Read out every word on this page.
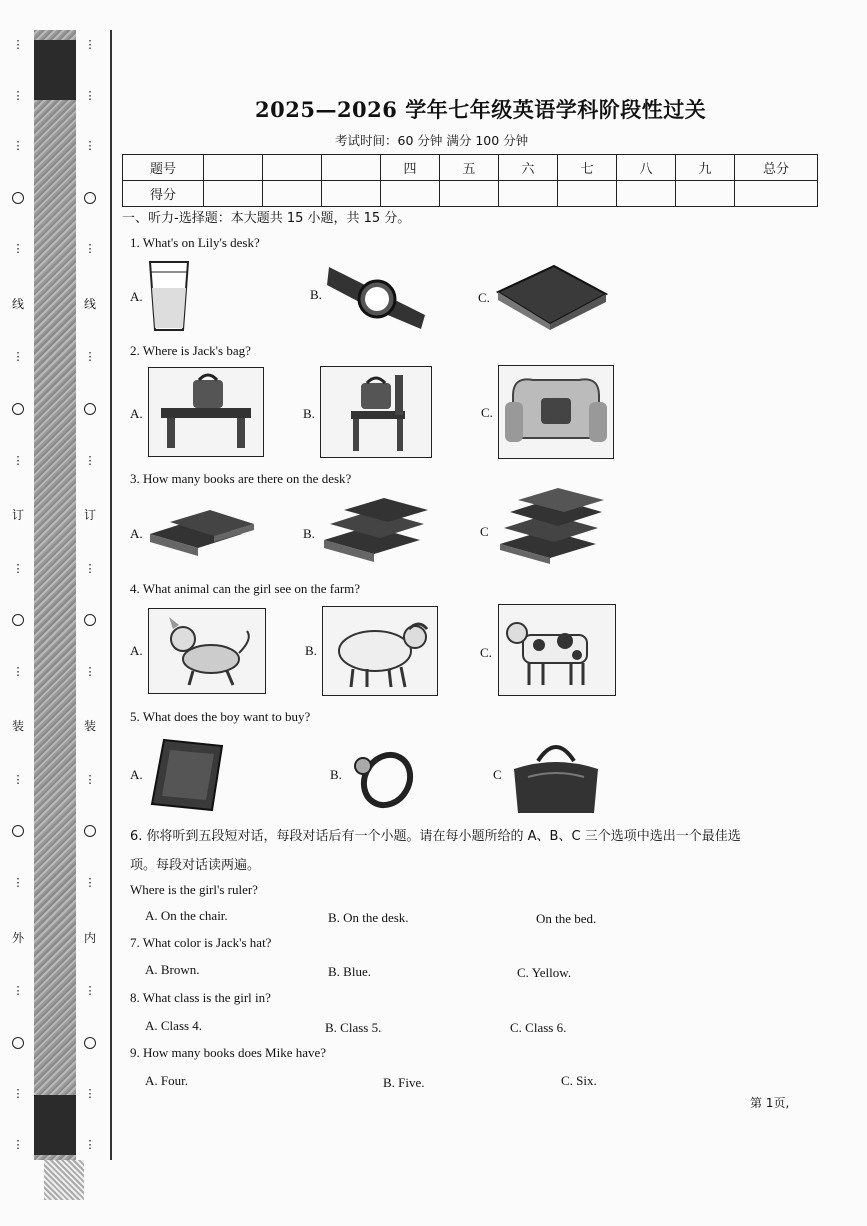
⋮
⋮
⋮
⋮
线
⋮
⋮
订
⋮
⋮
装
⋮
⋮
外
⋮
⋮
⋮
⋮
⋮
⋮
⋮
线
⋮
⋮
订
⋮
⋮
装
⋮
⋮
内
⋮
⋮
⋮
2025—2026 学年七年级英语学科阶段性过关
考试时间：60 分钟 满分 100 分钟
题号				四	五	六	七	八	九	总分
得分										
一、听力-选择题：本大题共 15 小题，共 15 分。
1. What's on Lily's desk?
A.	B.	C.
2. Where is Jack's bag?
A.	B.	C.
3. How many books are there on the desk?
A.	B.	C
4. What animal can the girl see on the farm?
A.	B.	C.
5. What does the boy want to buy?
A.	B.	C
6. 你将听到五段短对话，每段对话后有一个小题。请在每小题所给的 A、B、C 三个选项中选出一个最佳选
项。每段对话读两遍。
Where is the girl's ruler?
A. On the chair.	B. On the desk.	On the bed.
7. What color is Jack's hat?
A. Brown.	B. Blue.	C. Yellow.
8. What class is the girl in?
A. Class 4.	B. Class 5.	C. Class 6.
9. How many books does Mike have?
A. Four.	B. Five.	C. Six.
第 1页,
